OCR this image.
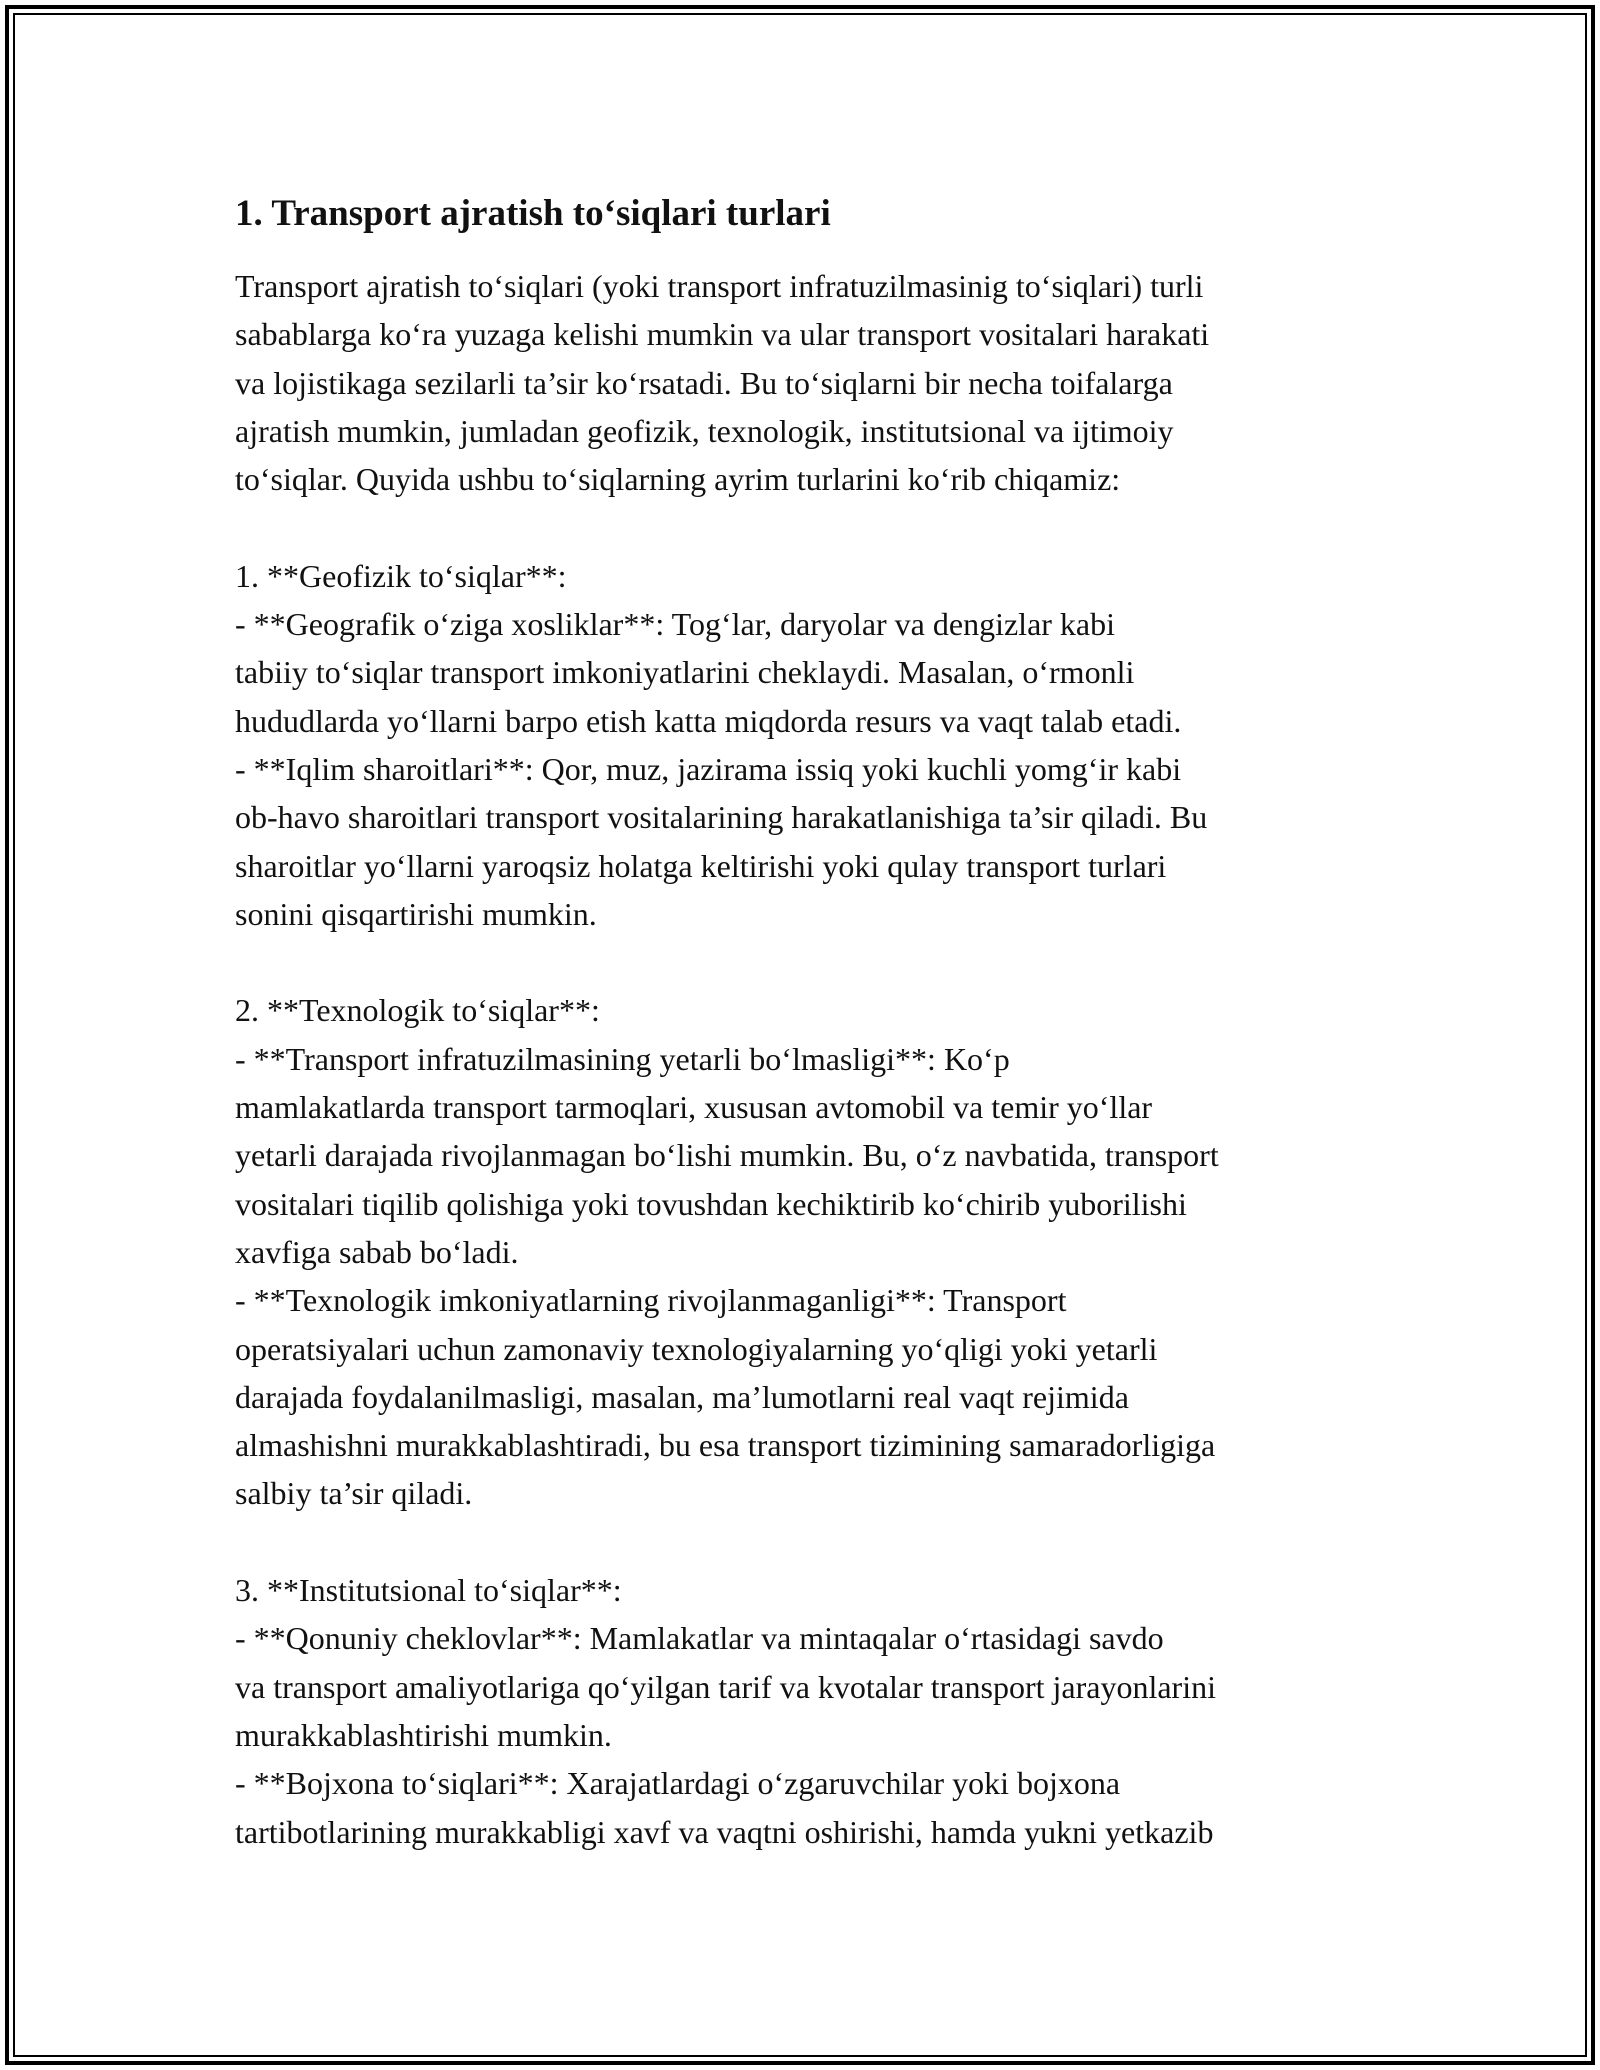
1. Transport ajratish to‘siqlari turlari
Transport ajratish to‘siqlari (yoki transport infratuzilmasinig to‘siqlari) turli
sabablarga ko‘ra yuzaga kelishi mumkin va ular transport vositalari harakati
va lojistikaga sezilarli ta’sir ko‘rsatadi. Bu to‘siqlarni bir necha toifalarga
ajratish mumkin, jumladan geofizik, texnologik, institutsional va ijtimoiy
to‘siqlar. Quyida ushbu to‘siqlarning ayrim turlarini ko‘rib chiqamiz:
1. **Geofizik to‘siqlar**:
- **Geografik o‘ziga xosliklar**: Tog‘lar, daryolar va dengizlar kabi
tabiiy to‘siqlar transport imkoniyatlarini cheklaydi. Masalan, o‘rmonli
hududlarda yo‘llarni barpo etish katta miqdorda resurs va vaqt talab etadi.
- **Iqlim sharoitlari**: Qor, muz, jazirama issiq yoki kuchli yomg‘ir kabi
ob-havo sharoitlari transport vositalarining harakatlanishiga ta’sir qiladi. Bu
sharoitlar yo‘llarni yaroqsiz holatga keltirishi yoki qulay transport turlari
sonini qisqartirishi mumkin.
2. **Texnologik to‘siqlar**:
- **Transport infratuzilmasining yetarli bo‘lmasligi**: Ko‘p
mamlakatlarda transport tarmoqlari, xususan avtomobil va temir yo‘llar
yetarli darajada rivojlanmagan bo‘lishi mumkin. Bu, o‘z navbatida, transport
vositalari tiqilib qolishiga yoki tovushdan kechiktirib ko‘chirib yuborilishi
xavfiga sabab bo‘ladi.
- **Texnologik imkoniyatlarning rivojlanmaganligi**: Transport
operatsiyalari uchun zamonaviy texnologiyalarning yo‘qligi yoki yetarli
darajada foydalanilmasligi, masalan, ma’lumotlarni real vaqt rejimida
almashishni murakkablashtiradi, bu esa transport tizimining samaradorligiga
salbiy ta’sir qiladi.
3. **Institutsional to‘siqlar**:
- **Qonuniy cheklovlar**: Mamlakatlar va mintaqalar o‘rtasidagi savdo
va transport amaliyotlariga qo‘yilgan tarif va kvotalar transport jarayonlarini
murakkablashtirishi mumkin.
- **Bojxona to‘siqlari**: Xarajatlardagi o‘zgaruvchilar yoki bojxona
tartibotlarining murakkabligi xavf va vaqtni oshirishi, hamda yukni yetkazib
